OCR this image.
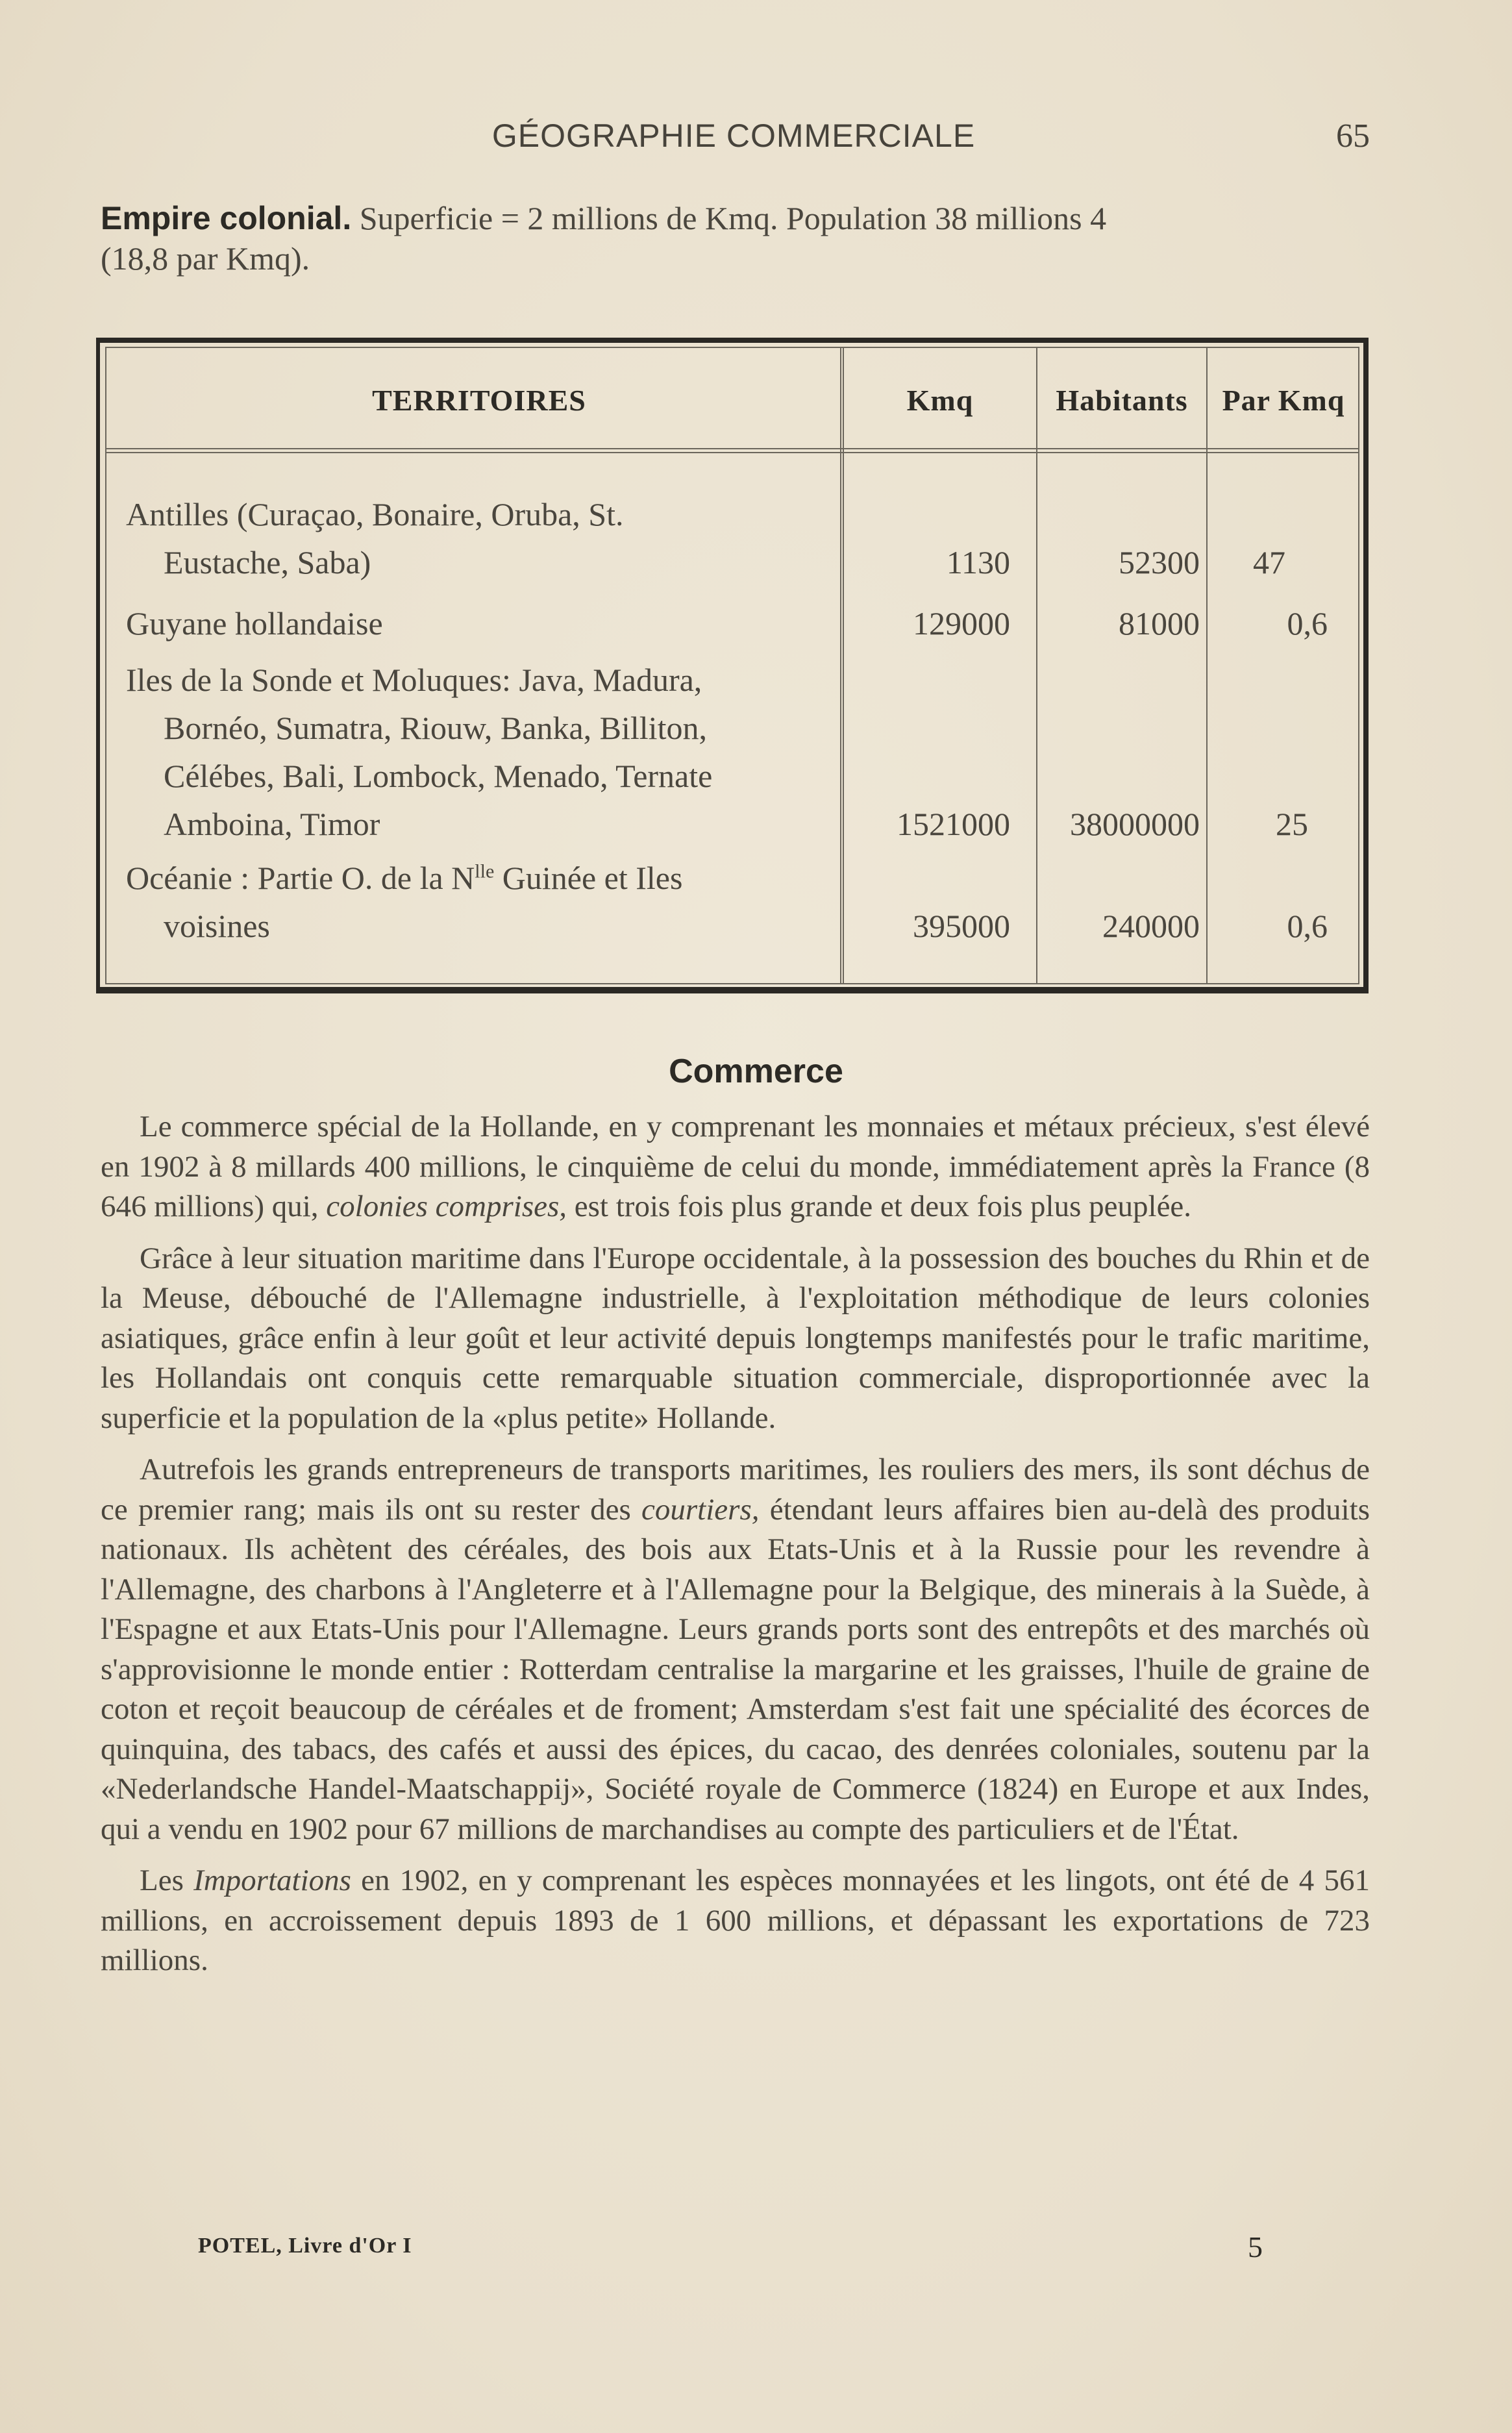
GÉOGRAPHIE COMMERCIALE	65
Empire colonial. Superficie = 2 millions de Kmq. Population 38 millions 4
(18,8 par Kmq).
TERRITOIRES	Kmq	Habitants	Par Kmq
Antilles (Curaçao, Bonaire, Oruba, St.
Eustache, Saba)	1130	52300	47
Guyane hollandaise	129000	81000	0,6
Iles de la Sonde et Moluques: Java, Madura,
Bornéo, Sumatra, Riouw, Banka, Billiton,
Célébes, Bali, Lombock, Menado, Ternate
Amboina, Timor	1521000	38000000	25
Océanie : Partie O. de la $N^{lle}$ Guinée et Iles
voisines	395000	240000	0,6
Commerce

Le commerce spécial de la Hollande, en y comprenant les monnaies et métaux précieux, s'est élevé en 1902 à 8 millards 400 millions, le cinquième de celui du monde, immédiatement après la France (8 646 millions) qui, colonies comprises, est trois fois plus grande et deux fois plus peuplée.

Grâce à leur situation maritime dans l'Europe occidentale, à la possession des bouches du Rhin et de la Meuse, débouché de l'Allemagne industrielle, à l'exploitation méthodique de leurs colonies asiatiques, grâce enfin à leur goût et leur activité depuis longtemps manifestés pour le trafic maritime, les Hollandais ont conquis cette remarquable situation commerciale, disproportionnée avec la superficie et la population de la «plus petite» Hollande.

Autrefois les grands entrepreneurs de transports maritimes, les rouliers des mers, ils sont déchus de ce premier rang; mais ils ont su rester des courtiers, étendant leurs affaires bien au-delà des produits nationaux. Ils achètent des céréales, des bois aux Etats-Unis et à la Russie pour les revendre à l'Allemagne, des charbons à l'Angleterre et à l'Allemagne pour la Belgique, des minerais à la Suède, à l'Espagne et aux Etats-Unis pour l'Allemagne. Leurs grands ports sont des entrepôts et des marchés où s'approvisionne le monde entier : Rotterdam centralise la margarine et les graisses, l'huile de graine de coton et reçoit beaucoup de céréales et de froment; Amsterdam s'est fait une spécialité des écorces de quinquina, des tabacs, des cafés et aussi des épices, du cacao, des denrées coloniales, soutenu par la «Nederlandsche Handel-Maatschappij», Société royale de Commerce (1824) en Europe et aux Indes, qui a vendu en 1902 pour 67 millions de marchandises au compte des particuliers et de l'État.

Les Importations en 1902, en y comprenant les espèces monnayées et les lingots, ont été de 4 561 millions, en accroissement depuis 1893 de 1 600 millions, et dépassant les exportations de 723 millions.

POTEL, Livre d'Or I	5
